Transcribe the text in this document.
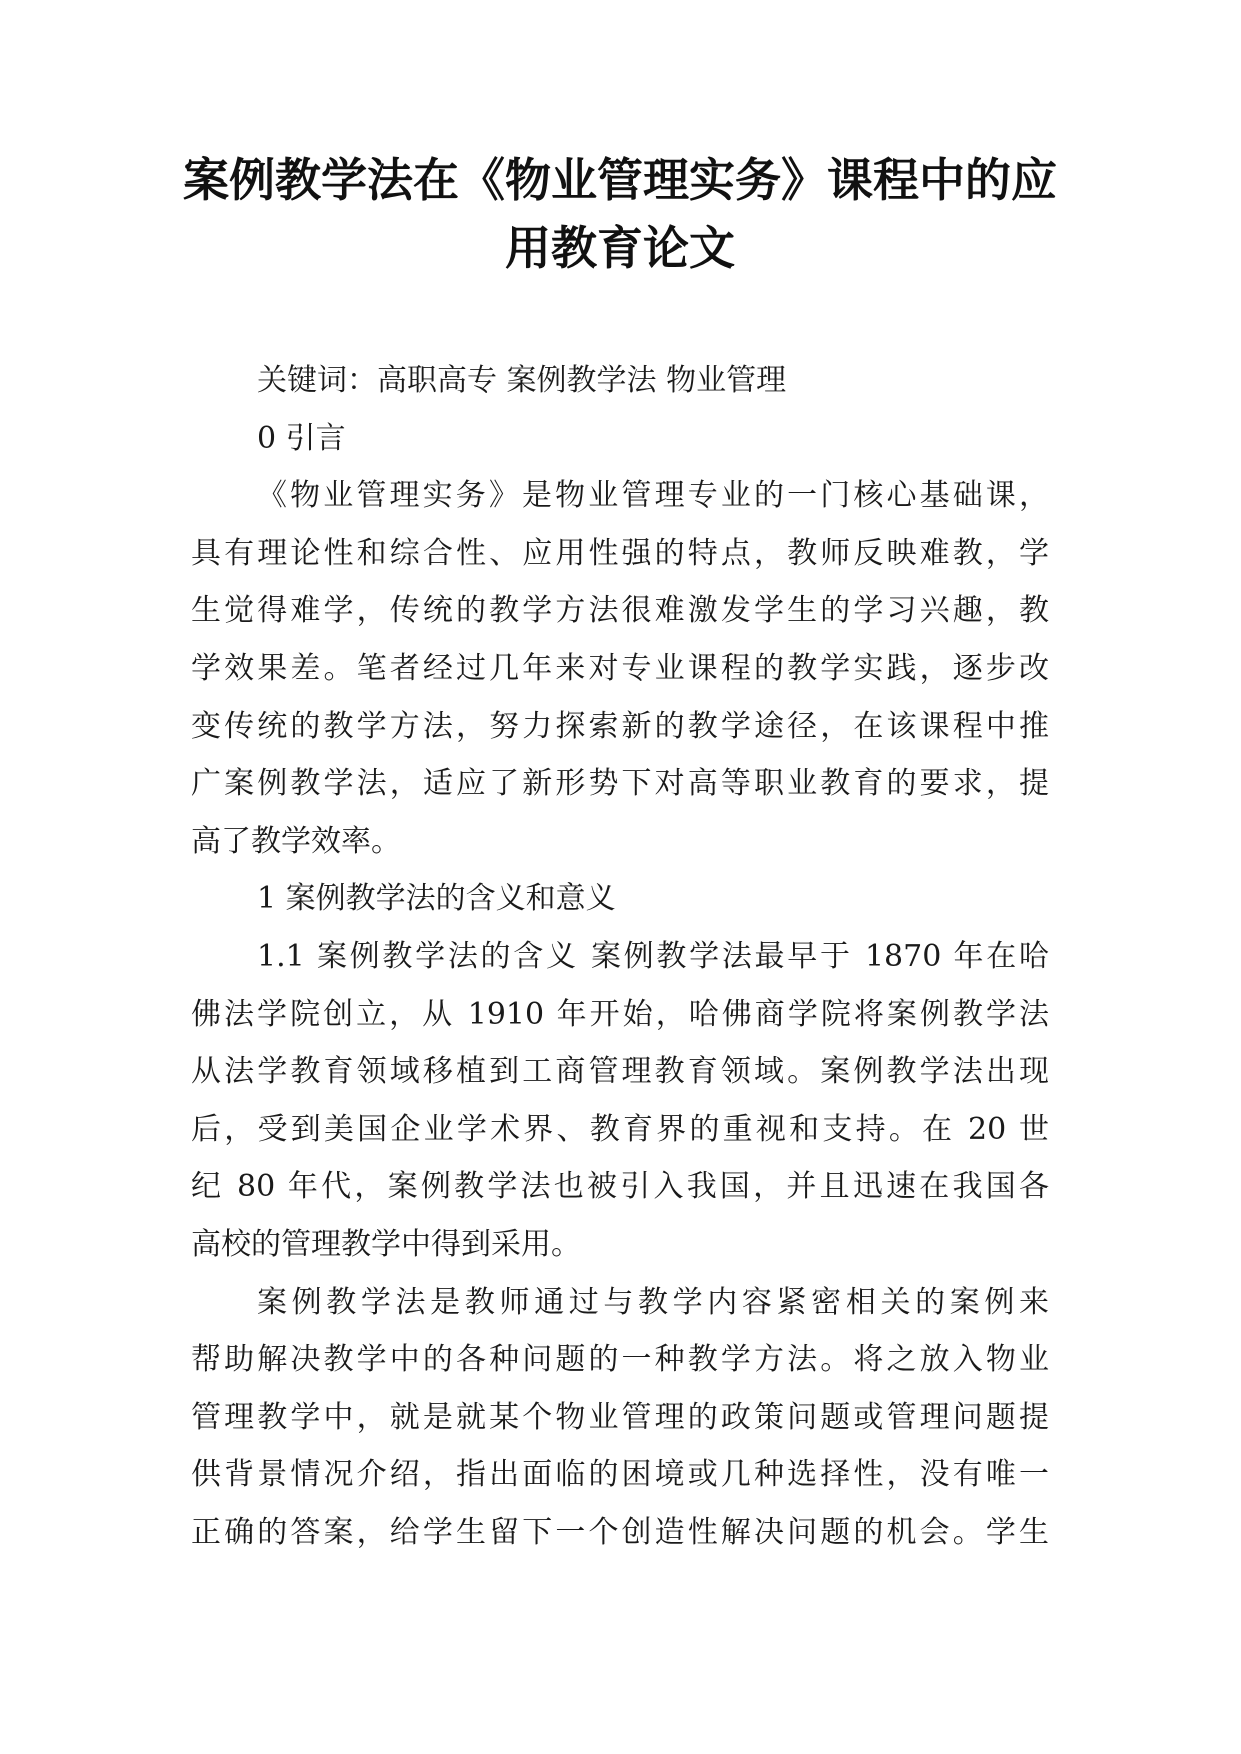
案例教学法在《物业管理实务》课程中的应
用教育论文
关键词：高职高专 案例教学法 物业管理
0 引言
《物业管理实务》是物业管理专业的一门核心基础课，
具有理论性和综合性、应用性强的特点，教师反映难教，学
生觉得难学，传统的教学方法很难激发学生的学习兴趣，教
学效果差。笔者经过几年来对专业课程的教学实践，逐步改
变传统的教学方法，努力探索新的教学途径，在该课程中推
广案例教学法，适应了新形势下对高等职业教育的要求，提
高了教学效率。
1 案例教学法的含义和意义
1.1 案例教学法的含义 案例教学法最早于 1870 年在哈
佛法学院创立，从 1910 年开始，哈佛商学院将案例教学法
从法学教育领域移植到工商管理教育领域。案例教学法出现
后，受到美国企业学术界、教育界的重视和支持。在 20 世
纪 80 年代，案例教学法也被引入我国，并且迅速在我国各
高校的管理教学中得到采用。
案例教学法是教师通过与教学内容紧密相关的案例来
帮助解决教学中的各种问题的一种教学方法。将之放入物业
管理教学中，就是就某个物业管理的政策问题或管理问题提
供背景情况介绍，指出面临的困境或几种选择性，没有唯一
正确的答案，给学生留下一个创造性解决问题的机会。学生
